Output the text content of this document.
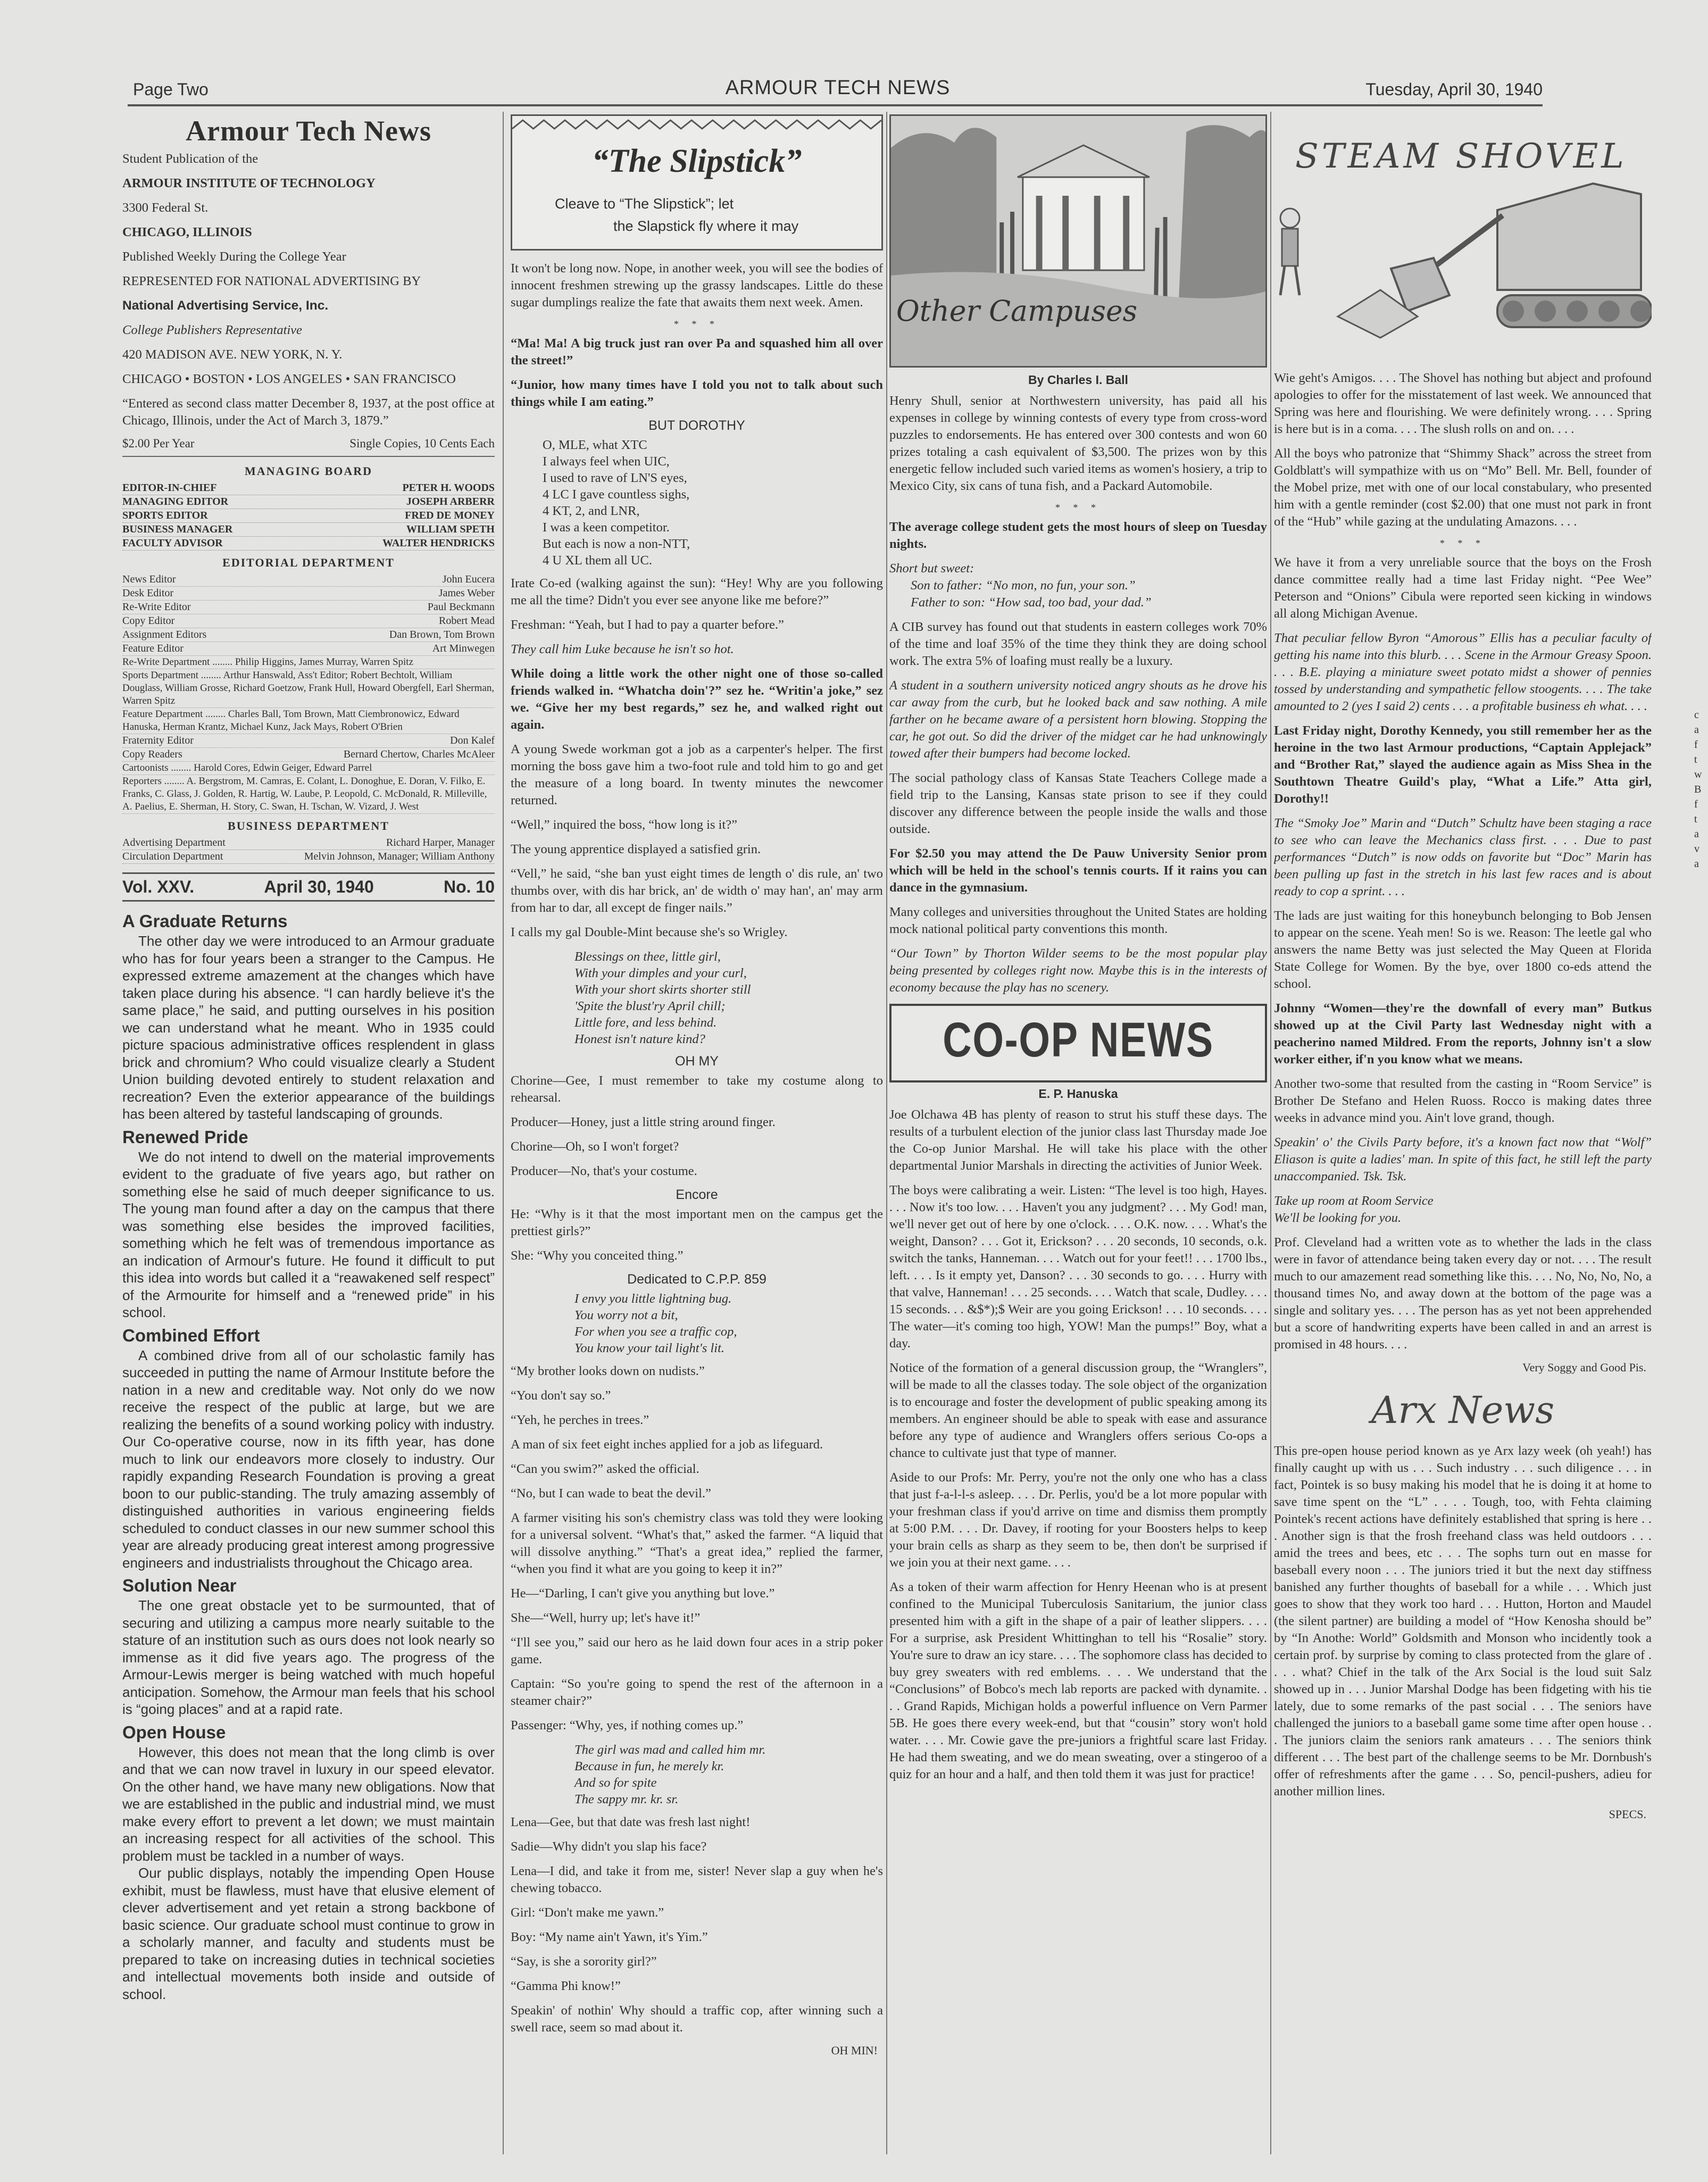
Page Two	ARMOUR TECH NEWS	Tuesday, April 30, 1940
Armour Tech News

Student Publication of the

ARMOUR INSTITUTE OF TECHNOLOGY

3300 Federal St.

CHICAGO, ILLINOIS

Published Weekly During the College Year

REPRESENTED FOR NATIONAL ADVERTISING BY

National Advertising Service, Inc.

College Publishers Representative

420 MADISON AVE. NEW YORK, N. Y.

CHICAGO • BOSTON • LOS ANGELES • SAN FRANCISCO

“Entered as second class matter December 8, 1937, at the post office at Chicago, Illinois, under the Act of March 3, 1879.”

$2.00 Per Year	Single Copies, 10 Cents Each
MANAGING BOARD
EDITOR-IN-CHIEF	PETER H. WOODS
MANAGING EDITOR	JOSEPH ARBERR
SPORTS EDITOR	FRED DE MONEY
BUSINESS MANAGER	WILLIAM SPETH
FACULTY ADVISOR	WALTER HENDRICKS
EDITORIAL DEPARTMENT
News Editor	John Eucera
Desk Editor	James Weber
Re-Write Editor	Paul Beckmann
Copy Editor	Robert Mead
Assignment Editors	Dan Brown, Tom Brown
Feature Editor	Art Minwegen
Re-Write Department ........ Philip Higgins, James Murray, Warren Spitz
Sports Department ........ Arthur Hanswald, Ass't Editor; Robert Bechtolt, William Douglass, William Grosse, Richard Goetzow, Frank Hull, Howard Obergfell, Earl Sherman, Warren Spitz
Feature Department ........ Charles Ball, Tom Brown, Matt Ciembronowicz, Edward Hanuska, Herman Krantz, Michael Kunz, Jack Mays, Robert O'Brien
Fraternity Editor	Don Kalef
Copy Readers	Bernard Chertow, Charles McAleer
Cartoonists ........ Harold Cores, Edwin Geiger, Edward Parrel
Reporters ........ A. Bergstrom, M. Camras, E. Colant, L. Donoghue, E. Doran, V. Filko, E. Franks, C. Glass, J. Golden, R. Hartig, W. Laube, P. Leopold, C. McDonald, R. Milleville, A. Paelius, E. Sherman, H. Story, C. Swan, H. Tschan, W. Vizard, J. West
BUSINESS DEPARTMENT
Advertising Department	Richard Harper, Manager
Circulation Department	Melvin Johnson, Manager; William Anthony
Vol. XXV.	April 30, 1940	No. 10
A Graduate Returns

The other day we were introduced to an Armour graduate who has for four years been a stranger to the Campus. He expressed extreme amazement at the changes which have taken place during his absence. “I can hardly believe it's the same place,” he said, and putting ourselves in his position we can understand what he meant. Who in 1935 could picture spacious administrative offices resplendent in glass brick and chromium? Who could visualize clearly a Student Union building devoted entirely to student relaxation and recreation? Even the exterior appearance of the buildings has been altered by tasteful landscaping of grounds.

Renewed Pride

We do not intend to dwell on the material improvements evident to the graduate of five years ago, but rather on something else he said of much deeper significance to us. The young man found after a day on the campus that there was something else besides the improved facilities, something which he felt was of tremendous importance as an indication of Armour's future. He found it difficult to put this idea into words but called it a “reawakened self respect” of the Armourite for himself and a “renewed pride” in his school.

Combined Effort

A combined drive from all of our scholastic family has succeeded in putting the name of Armour Institute before the nation in a new and creditable way. Not only do we now receive the respect of the public at large, but we are realizing the benefits of a sound working policy with industry. Our Co-operative course, now in its fifth year, has done much to link our endeavors more closely to industry. Our rapidly expanding Research Foundation is proving a great boon to our public-standing. The truly amazing assembly of distinguished authorities in various engineering fields scheduled to conduct classes in our new summer school this year are already producing great interest among progressive engineers and industrialists throughout the Chicago area.

Solution Near

The one great obstacle yet to be surmounted, that of securing and utilizing a campus more nearly suitable to the stature of an institution such as ours does not look nearly so immense as it did five years ago. The progress of the Armour-Lewis merger is being watched with much hopeful anticipation. Somehow, the Armour man feels that his school is “going places” and at a rapid rate.

Open House

However, this does not mean that the long climb is over and that we can now travel in luxury in our speed elevator. On the other hand, we have many new obligations. Now that we are established in the public and industrial mind, we must make every effort to prevent a let down; we must maintain an increasing respect for all activities of the school. This problem must be tackled in a number of ways.

Our public displays, notably the impending Open House exhibit, must be flawless, must have that elusive element of clever advertisement and yet retain a strong backbone of basic science. Our graduate school must continue to grow in a scholarly manner, and faculty and students must be prepared to take on increasing duties in technical societies and intellectual movements both inside and outside of school.

“The Slipstick”
Cleave to “The Slipstick”; let
the Slapstick fly where it may

It won't be long now. Nope, in another week, you will see the bodies of innocent freshmen strewing up the grassy landscapes. Little do these sugar dumplings realize the fate that awaits them next week. Amen.

* * *

“Ma! Ma! A big truck just ran over Pa and squashed him all over the street!”

“Junior, how many times have I told you not to talk about such things while I am eating.”

BUT DOROTHY
O, MLE, what XTC
I always feel when UIC,
I used to rave of LN'S eyes,
4 LC I gave countless sighs,
4 KT, 2, and LNR,
I was a keen competitor.
But each is now a non-NTT,
4 U XL them all UC.

Irate Co-ed (walking against the sun): “Hey! Why are you following me all the time? Didn't you ever see anyone like me before?”

Freshman: “Yeah, but I had to pay a quarter before.”

They call him Luke because he isn't so hot.

While doing a little work the other night one of those so-called friends walked in. “Whatcha doin'?” sez he. “Writin'a joke,” sez we. “Give her my best regards,” sez he, and walked right out again.

A young Swede workman got a job as a carpenter's helper. The first morning the boss gave him a two-foot rule and told him to go and get the measure of a long board. In twenty minutes the newcomer returned.

“Well,” inquired the boss, “how long is it?”

The young apprentice displayed a satisfied grin.

“Vell,” he said, “she ban yust eight times de length o' dis rule, an' two thumbs over, with dis har brick, an' de width o' may han', an' may arm from har to dar, all except de finger nails.”

I calls my gal Double-Mint because she's so Wrigley.

Blessings on thee, little girl,
With your dimples and your curl,
With your short skirts shorter still
'Spite the blust'ry April chill;
Little fore, and less behind.
Honest isn't nature kind?
OH MY

Chorine—Gee, I must remember to take my costume along to rehearsal.

Producer—Honey, just a little string around finger.

Chorine—Oh, so I won't forget?

Producer—No, that's your costume.

Encore

He: “Why is it that the most important men on the campus get the prettiest girls?”

She: “Why you conceited thing.”

Dedicated to C.P.P. 859
I envy you little lightning bug.
You worry not a bit,
For when you see a traffic cop,
You know your tail light's lit.

“My brother looks down on nudists.”

“You don't say so.”

“Yeh, he perches in trees.”

A man of six feet eight inches applied for a job as lifeguard.

“Can you swim?” asked the official.

“No, but I can wade to beat the devil.”

A farmer visiting his son's chemistry class was told they were looking for a universal solvent. “What's that,” asked the farmer. “A liquid that will dissolve anything.” “That's a great idea,” replied the farmer, “when you find it what are you going to keep it in?”

He—“Darling, I can't give you anything but love.”

She—“Well, hurry up; let's have it!”

“I'll see you,” said our hero as he laid down four aces in a strip poker game.

Captain: “So you're going to spend the rest of the afternoon in a steamer chair?”

Passenger: “Why, yes, if nothing comes up.”

The girl was mad and called him mr.
Because in fun, he merely kr.
And so for spite
The sappy mr. kr. sr.

Lena—Gee, but that date was fresh last night!

Sadie—Why didn't you slap his face?

Lena—I did, and take it from me, sister! Never slap a guy when he's chewing tobacco.

Girl: “Don't make me yawn.”

Boy: “My name ain't Yawn, it's Yim.”

“Say, is she a sorority girl?”

“Gamma Phi know!”

Speakin' of nothin' Why should a traffic cop, after winning such a swell race, seem so mad about it.

OH MIN!
Other Campuses
By Charles I. Ball

Henry Shull, senior at Northwestern university, has paid all his expenses in college by winning contests of every type from cross-word puzzles to endorsements. He has entered over 300 contests and won 60 prizes totaling a cash equivalent of $3,500. The prizes won by this energetic fellow included such varied items as women's hosiery, a trip to Mexico City, six cans of tuna fish, and a Packard Automobile.

* * *

The average college student gets the most hours of sleep on Tuesday nights.

Short but sweet:

Son to father: “No mon, no fun, your son.”

Father to son: “How sad, too bad, your dad.”

A CIB survey has found out that students in eastern colleges work 70% of the time and loaf 35% of the time they think they are doing school work. The extra 5% of loafing must really be a luxury.

A student in a southern university noticed angry shouts as he drove his car away from the curb, but he looked back and saw nothing. A mile farther on he became aware of a persistent horn blowing. Stopping the car, he got out. So did the driver of the midget car he had unknowingly towed after their bumpers had become locked.

The social pathology class of Kansas State Teachers College made a field trip to the Lansing, Kansas state prison to see if they could discover any difference between the people inside the walls and those outside.

For $2.50 you may attend the De Pauw University Senior prom which will be held in the school's tennis courts. If it rains you can dance in the gymnasium.

Many colleges and universities throughout the United States are holding mock national political party conventions this month.

“Our Town” by Thorton Wilder seems to be the most popular play being presented by colleges right now. Maybe this is in the interests of economy because the play has no scenery.

CO-OP NEWS
E. P. Hanuska

Joe Olchawa 4B has plenty of reason to strut his stuff these days. The results of a turbulent election of the junior class last Thursday made Joe the Co-op Junior Marshal. He will take his place with the other departmental Junior Marshals in directing the activities of Junior Week.

The boys were calibrating a weir. Listen: “The level is too high, Hayes. . . . Now it's too low. . . . Haven't you any judgment? . . . My God! man, we'll never get out of here by one o'clock. . . . O.K. now. . . . What's the weight, Danson? . . . Got it, Erickson? . . . 20 seconds, 10 seconds, o.k. switch the tanks, Hanneman. . . . Watch out for your feet!! . . . 1700 lbs., left. . . . Is it empty yet, Danson? . . . 30 seconds to go. . . . Hurry with that valve, Hanneman! . . . 25 seconds. . . . Watch that scale, Dudley. . . . 15 seconds. . . &$*);$ Weir are you going Erickson! . . . 10 seconds. . . . The water—it's coming too high, YOW! Man the pumps!” Boy, what a day.

Notice of the formation of a general discussion group, the “Wranglers”, will be made to all the classes today. The sole object of the organization is to encourage and foster the development of public speaking among its members. An engineer should be able to speak with ease and assurance before any type of audience and Wranglers offers serious Co-ops a chance to cultivate just that type of manner.

Aside to our Profs: Mr. Perry, you're not the only one who has a class that just f-a-l-l-s asleep. . . . Dr. Perlis, you'd be a lot more popular with your freshman class if you'd arrive on time and dismiss them promptly at 5:00 P.M. . . . Dr. Davey, if rooting for your Boosters helps to keep your brain cells as sharp as they seem to be, then don't be surprised if we join you at their next game. . . .

As a token of their warm affection for Henry Heenan who is at present confined to the Municipal Tuberculosis Sanitarium, the junior class presented him with a gift in the shape of a pair of leather slippers. . . . For a surprise, ask President Whittinghan to tell his “Rosalie” story. You're sure to draw an icy stare. . . . The sophomore class has decided to buy grey sweaters with red emblems. . . . We understand that the “Conclusions” of Bobco's mech lab reports are packed with dynamite. . . . Grand Rapids, Michigan holds a powerful influence on Vern Parmer 5B. He goes there every week-end, but that “cousin” story won't hold water. . . . Mr. Cowie gave the pre-juniors a frightful scare last Friday. He had them sweating, and we do mean sweating, over a stingeroo of a quiz for an hour and a half, and then told them it was just for practice!

STEAM SHOVEL

Wie geht's Amigos. . . . The Shovel has nothing but abject and profound apologies to offer for the misstatement of last week. We announced that Spring was here and flourishing. We were definitely wrong. . . . Spring is here but is in a coma. . . . The slush rolls on and on. . . .

All the boys who patronize that “Shimmy Shack” across the street from Goldblatt's will sympathize with us on “Mo” Bell. Mr. Bell, founder of the Mobel prize, met with one of our local constabulary, who presented him with a gentle reminder (cost $2.00) that one must not park in front of the “Hub” while gazing at the undulating Amazons. . . .

* * *

We have it from a very unreliable source that the boys on the Frosh dance committee really had a time last Friday night. “Pee Wee” Peterson and “Onions” Cibula were reported seen kicking in windows all along Michigan Avenue.

That peculiar fellow Byron “Amorous” Ellis has a peculiar faculty of getting his name into this blurb. . . . Scene in the Armour Greasy Spoon. . . . B.E. playing a miniature sweet potato midst a shower of pennies tossed by understanding and sympathetic fellow stoogents. . . . The take amounted to 2 (yes I said 2) cents . . . a profitable business eh what. . . .

Last Friday night, Dorothy Kennedy, you still remember her as the heroine in the two last Armour productions, “Captain Applejack” and “Brother Rat,” slayed the audience again as Miss Shea in the Southtown Theatre Guild's play, “What a Life.” Atta girl, Dorothy!!

The “Smoky Joe” Marin and “Dutch” Schultz have been staging a race to see who can leave the Mechanics class first. . . . Due to past performances “Dutch” is now odds on favorite but “Doc” Marin has been pulling up fast in the stretch in his last few races and is about ready to cop a sprint. . . .

The lads are just waiting for this honeybunch belonging to Bob Jensen to appear on the scene. Yeah men! So is we. Reason: The leetle gal who answers the name Betty was just selected the May Queen at Florida State College for Women. By the bye, over 1800 co-eds attend the school.

Johnny “Women—they're the downfall of every man” Butkus showed up at the Civil Party last Wednesday night with a peacherino named Mildred. From the reports, Johnny isn't a slow worker either, if'n you know what we means.

Another two-some that resulted from the casting in “Room Service” is Brother De Stefano and Helen Ruoss. Rocco is making dates three weeks in advance mind you. Ain't love grand, though.

Speakin' o' the Civils Party before, it's a known fact now that “Wolf” Eliason is quite a ladies' man. In spite of this fact, he still left the party unaccompanied. Tsk. Tsk.

Take up room at Room Service

We'll be looking for you.

Prof. Cleveland had a written vote as to whether the lads in the class were in favor of attendance being taken every day or not. . . . The result much to our amazement read something like this. . . . No, No, No, No, a thousand times No, and away down at the bottom of the page was a single and solitary yes. . . . The person has as yet not been apprehended but a score of handwriting experts have been called in and an arrest is promised in 48 hours. . . .

Very Soggy and Good Pis.
Arx News

This pre-open house period known as ye Arx lazy week (oh yeah!) has finally caught up with us . . . Such industry . . . such diligence . . . in fact, Pointek is so busy making his model that he is doing it at home to save time spent on the “L” . . . . Tough, too, with Fehta claiming Pointek's recent actions have definitely established that spring is here . . . Another sign is that the frosh freehand class was held outdoors . . . amid the trees and bees, etc . . . The sophs turn out en masse for baseball every noon . . . The juniors tried it but the next day stiffness banished any further thoughts of baseball for a while . . . Which just goes to show that they work too hard . . . Hutton, Horton and Maudel (the silent partner) are building a model of “How Kenosha should be” by “In Anothe: World” Goldsmith and Monson who incidently took a certain prof. by surprise by coming to class protected from the glare of . . . . what? Chief in the talk of the Arx Social is the loud suit Salz showed up in . . . Junior Marshal Dodge has been fidgeting with his tie lately, due to some remarks of the past social . . . The seniors have challenged the juniors to a baseball game some time after open house . . . The juniors claim the seniors rank amateurs . . . The seniors think different . . . The best part of the challenge seems to be Mr. Dornbush's offer of refreshments after the game . . . So, pencil-pushers, adieu for another million lines.

SPECS.
c
a
f
t
w
B
f
t
a
v
a
